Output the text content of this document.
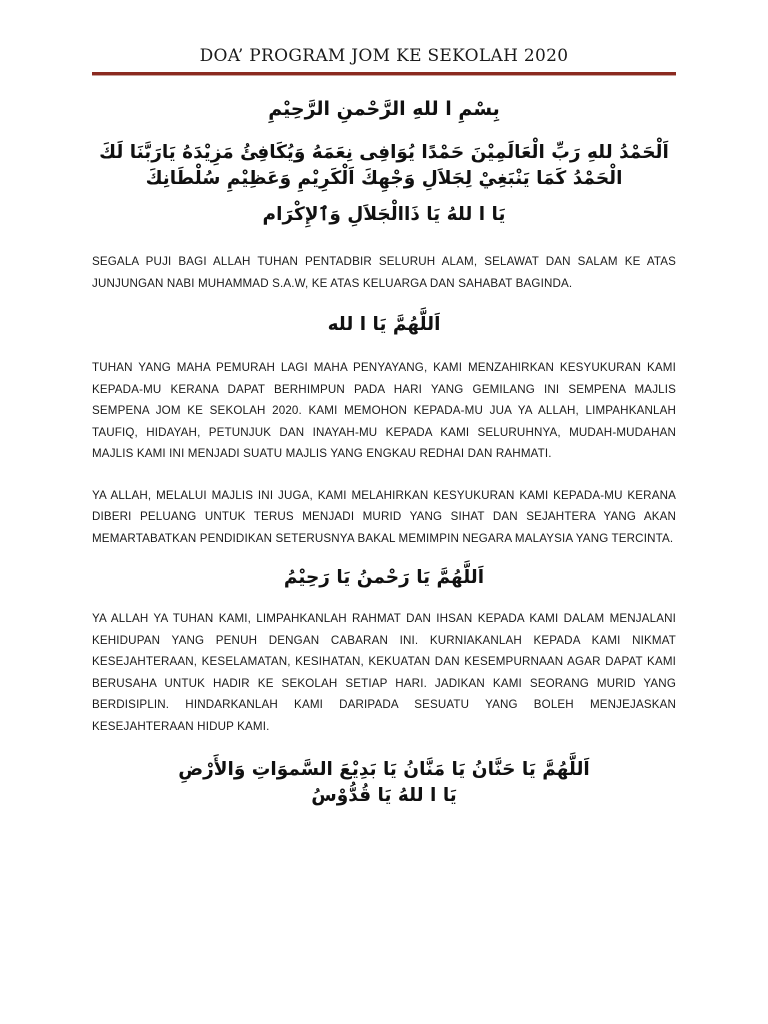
DOA’ PROGRAM JOM KE SEKOLAH 2020
بِسْمِ ا للهِ الرَّحْمنِ الرَّحِيْمِ
اَلْحَمْدُ للهِ رَبِّ الْعَالَمِيْنَ حَمْدًا يُوَافِى نِعَمَهُ وَيُكَافِئُ مَزِيْدَهُ يَارَبَّنَا لَكَ الْحَمْدُ كَمَا يَنْبَغِيْ لِجَلاَلِ وَجْهِكَ اَلْكَرِيْمِ وَعَظِيْمِ سُلْطَانِكَ
يَا ا للهُ يَا ذَاالْجَلاَلِ وَٱلإِكْرَام

SEGALA PUJI BAGI ALLAH TUHAN PENTADBIR SELURUH ALAM, SELAWAT DAN SALAM KE ATAS JUNJUNGAN NABI MUHAMMAD S.A.W, KE ATAS KELUARGA DAN SAHABAT BAGINDA.

اَللَّهُمَّ يَا ا لله

TUHAN YANG MAHA PEMURAH LAGI MAHA PENYAYANG, KAMI MENZAHIRKAN KESYUKURAN KAMI KEPADA-MU KERANA DAPAT BERHIMPUN PADA HARI YANG GEMILANG INI SEMPENA MAJLIS SEMPENA JOM KE SEKOLAH 2020. KAMI MEMOHON KEPADA-MU JUA YA ALLAH, LIMPAHKANLAH TAUFIQ, HIDAYAH, PETUNJUK DAN INAYAH-MU KEPADA KAMI SELURUHNYA, MUDAH-MUDAHAN MAJLIS KAMI INI MENJADI SUATU MAJLIS YANG ENGKAU REDHAI DAN RAHMATI.

YA ALLAH, MELALUI MAJLIS INI JUGA, KAMI MELAHIRKAN KESYUKURAN KAMI KEPADA-MU KERANA DIBERI PELUANG UNTUK TERUS MENJADI MURID YANG SIHAT DAN SEJAHTERA YANG AKAN MEMARTABATKAN PENDIDIKAN SETERUSNYA BAKAL MEMIMPIN NEGARA MALAYSIA YANG TERCINTA.

اَللَّهُمَّ يَا رَحْمنُ يَا رَحِيْمُ

YA ALLAH YA TUHAN KAMI, LIMPAHKANLAH RAHMAT DAN IHSAN KEPADA KAMI DALAM MENJALANI KEHIDUPAN YANG PENUH DENGAN CABARAN INI. KURNIAKANLAH KEPADA KAMI NIKMAT KESEJAHTERAAN, KESELAMATAN, KESIHATAN, KEKUATAN DAN KESEMPURNAAN AGAR DAPAT KAMI BERUSAHA UNTUK HADIR KE SEKOLAH SETIAP HARI. JADIKAN KAMI SEORANG MURID YANG BERDISIPLIN. HINDARKANLAH KAMI DARIPADA SESUATU YANG BOLEH MENJEJASKAN KESEJAHTERAAN HIDUP KAMI.

اَللَّهُمَّ يَا حَنَّانُ يَا مَنَّانُ يَا بَدِيْعَ السَّموَاتِ وَالأَرْضِ
يَا ا للهُ يَا قُدُّوْسُ
